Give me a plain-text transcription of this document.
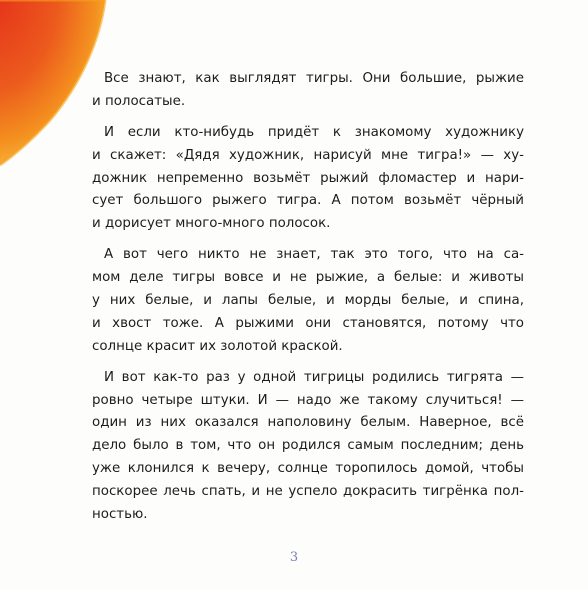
Все знают, как выглядят тигры. Они большие, рыжие
и полосатые.
И если кто-нибудь придёт к знакомому художнику
и скажет: «Дядя художник, нарисуй мне тигра!» — ху-
дожник непременно возьмёт рыжий фломастер и нари-
сует большого рыжего тигра. А потом возьмёт чёрный
и дорисует много-много полосок.
А вот чего никто не знает, так это того, что на са-
мом деле тигры вовсе и не рыжие, а белые: и животы
у них белые, и лапы белые, и морды белые, и спина,
и хвост тоже. А рыжими они становятся, потому что
солнце красит их золотой краской.
И вот как-то раз у одной тигрицы родились тигрята —
ровно четыре штуки. И — надо же такому случиться! —
один из них оказался наполовину белым. Наверное, всё
дело было в том, что он родился самым последним; день
уже клонился к вечеру, солнце торопилось домой, чтобы
поскорее лечь спать, и не успело докрасить тигрёнка пол-
ностью.
3
